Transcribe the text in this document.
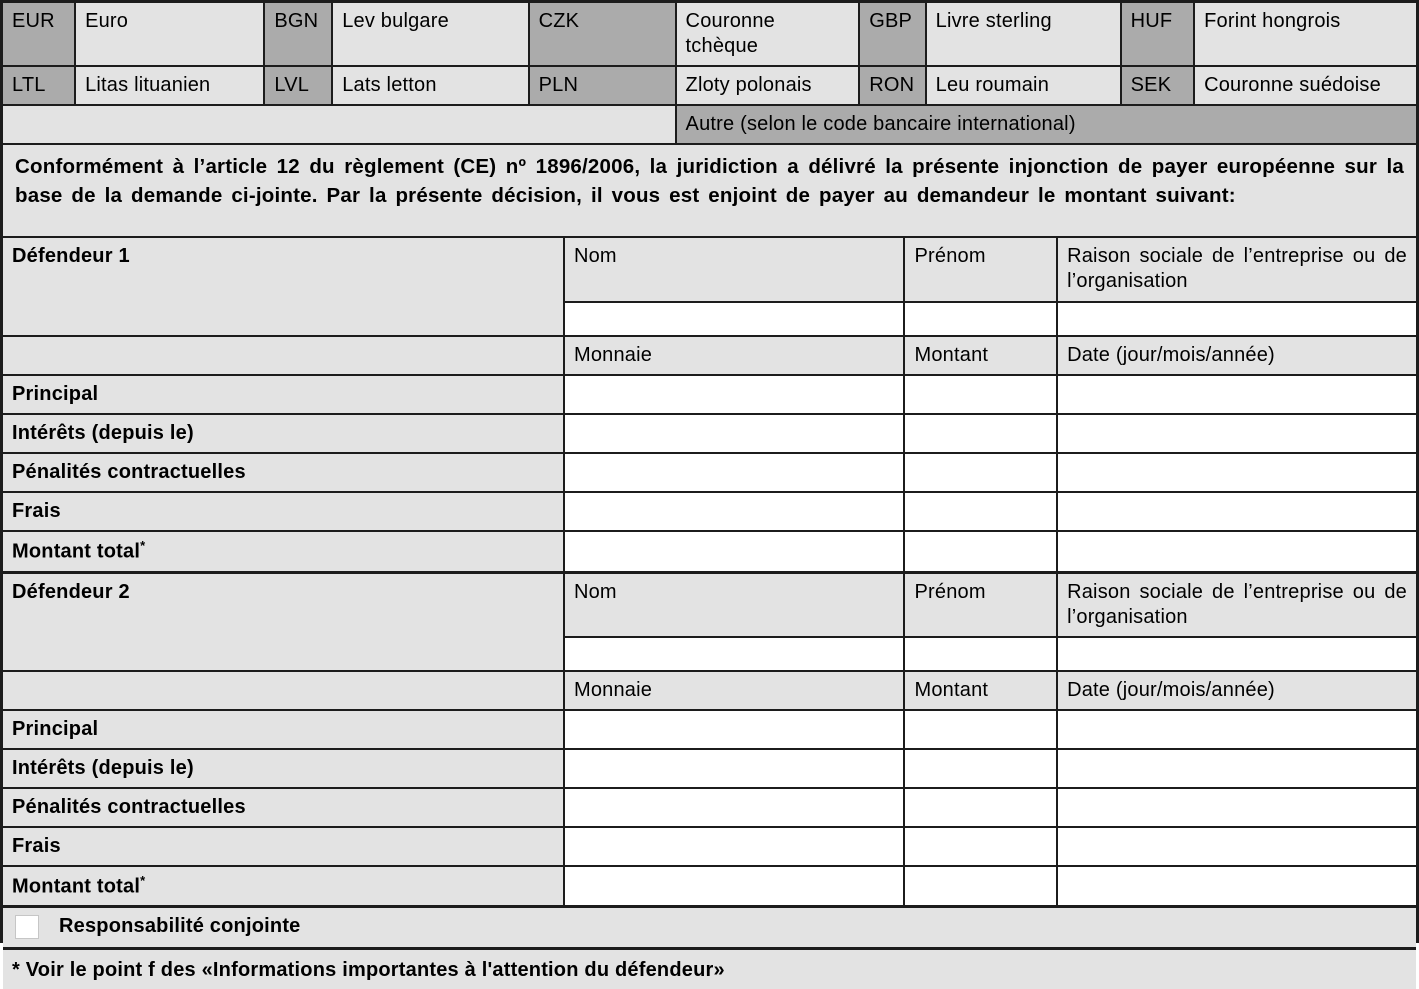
EUR	Euro	BGN	Lev bulgare	CZK	Couronne tchèque	GBP	Livre sterling	HUF	Forint hongrois
LTL	Litas lituanien	LVL	Lats letton	PLN	Zloty polonais	RON	Leu roumain	SEK	Couronne suédoise
					Autre (selon le code bancaire international)				
Conformément à l’article 12 du règlement (CE) nº 1896/2006, la juridiction a délivré la présente injonction de payer européenne sur la base de la demande ci-jointe. Par la présente décision, il vous est enjoint de payer au demandeur le montant suivant:
Défendeur 1	Nom	Prénom	Raison sociale de l’entreprise ou de l’organisation

	Monnaie	Montant	Date (jour/mois/année)
Principal			
Intérêts (depuis le)			
Pénalités contractuelles			
Frais			
Montant total*			
Défendeur 2	Nom	Prénom	Raison sociale de l’entreprise ou de l’organisation

	Monnaie	Montant	Date (jour/mois/année)
Principal			
Intérêts (depuis le)			
Pénalités contractuelles			
Frais			
Montant total*			

Responsabilité conjointe			

* Voir le point f des «Informations importantes à l'attention du défendeur»			
